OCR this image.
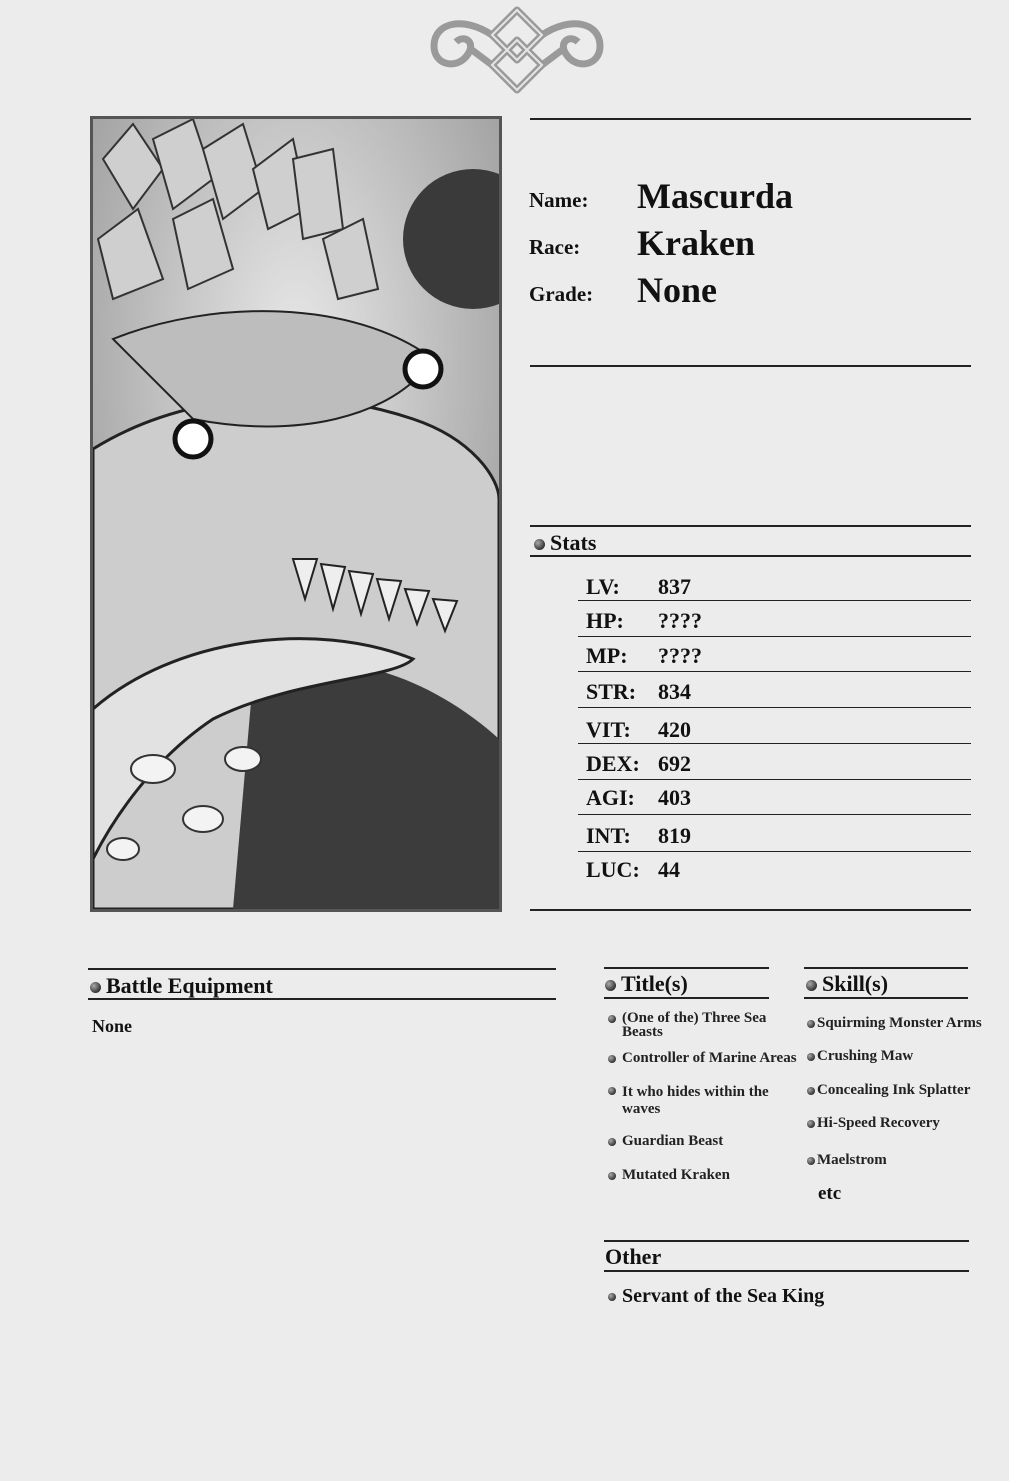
Name: Mascurda
Race: Kraken
Grade: None
Stats
LV: 837
HP: ????
MP: ????
STR: 834
VIT: 420
DEX: 692
AGI: 403
INT: 819
LUC: 44
Battle Equipment
None
Title(s)
(One of the) Three Sea Beasts
Controller of Marine Areas
It who hides within the waves
Guardian Beast
Mutated Kraken
Skill(s)
Squirming Monster Arms
Crushing Maw
Concealing Ink Splatter
Hi-Speed Recovery
Maelstrom
etc
Other
Servant of the Sea King
